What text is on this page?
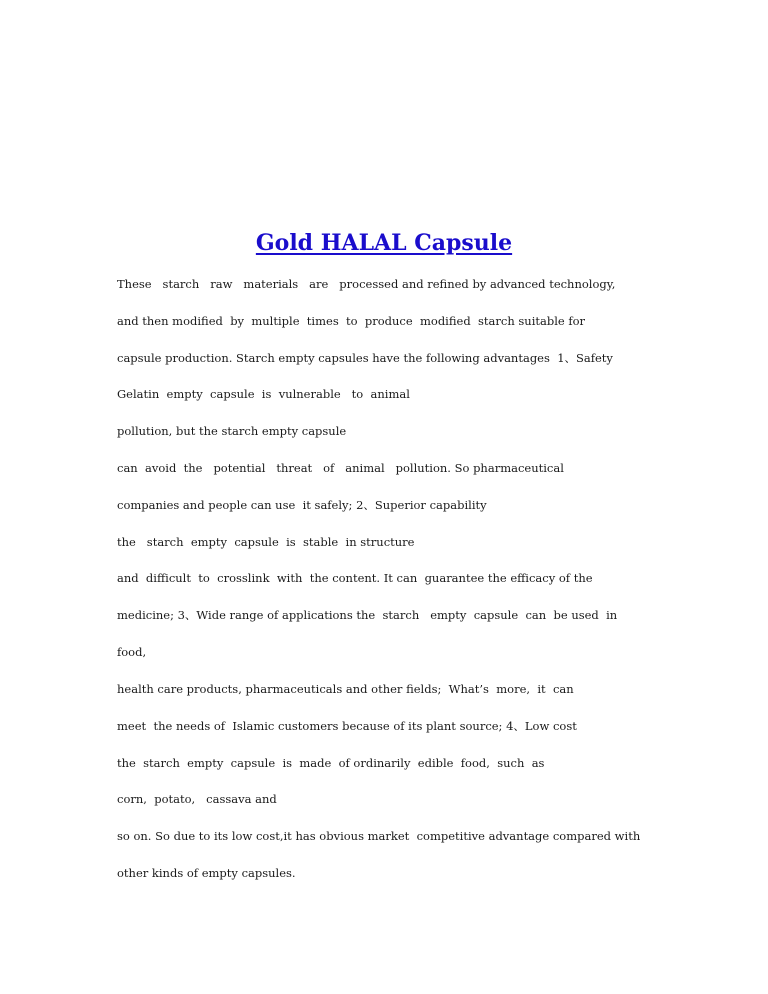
Gold HALAL Capsule
These   starch   raw   materials   are   processed and refined by advanced technology,
and then modified  by  multiple  times  to  produce  modified  starch suitable for
capsule production. Starch empty capsules have the following advantages  1、Safety
Gelatin  empty  capsule  is  vulnerable   to  animal
pollution, but the starch empty capsule
can  avoid  the   potential   threat   of   animal   pollution. So pharmaceutical
companies and people can use  it safely; 2、Superior capability
the   starch  empty  capsule  is  stable  in structure
and  difficult  to  crosslink  with  the content. It can  guarantee the efficacy of the
medicine; 3、Wide range of applications the  starch   empty  capsule  can  be used  in
food,
health care products, pharmaceuticals and other fields;  What’s  more,  it  can
meet  the needs of  Islamic customers because of its plant source; 4、Low cost
the  starch  empty  capsule  is  made  of ordinarily  edible  food,  such  as
corn,  potato,   cassava and
so on. So due to its low cost,it has obvious market  competitive advantage compared with
other kinds of empty capsules.
